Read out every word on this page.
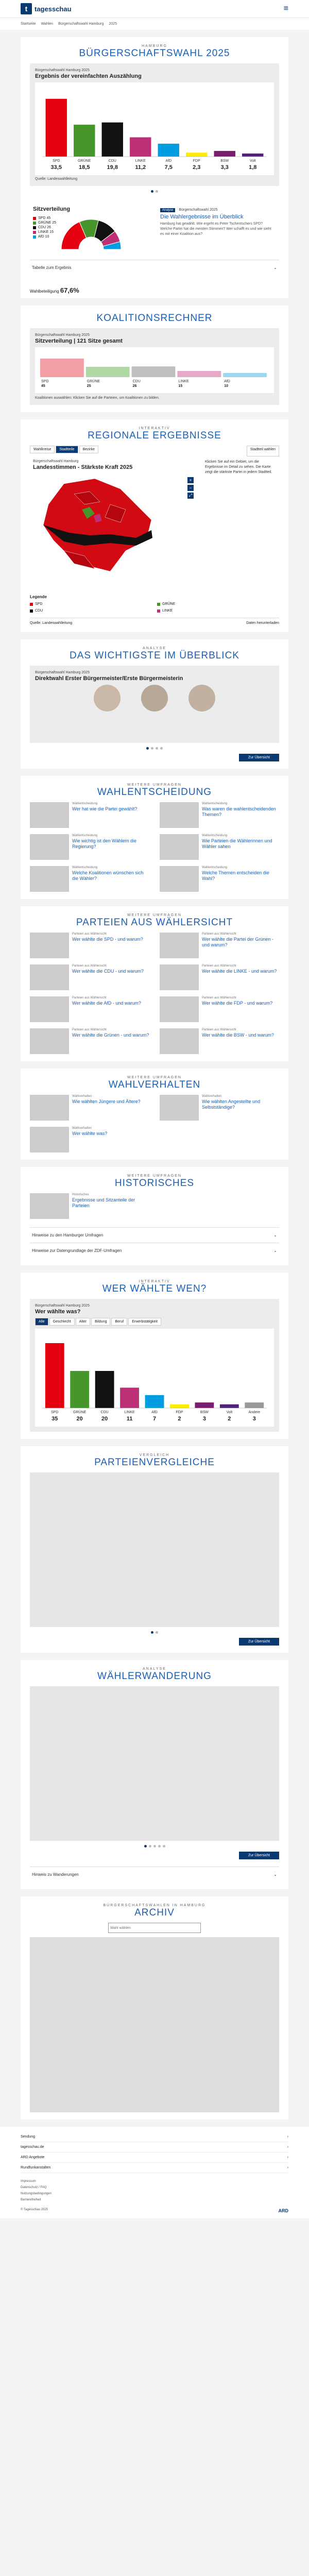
t	tagesschau	≡
Startseite Wahlen Bürgerschaftswahl Hamburg 2025
HAMBURG
BÜRGERSCHAFTSWAHL 2025
Bürgerschaftswahl Hamburg 2025
Ergebnis der vereinfachten Auszählung
SPD
33,5
GRÜNE
18,5
CDU
19,8
LINKE
11,2
AfD
7,5
FDP
2,3
BSW
3,3
Volt
1,8
Quelle: Landeswahlleitung
Sitzverteilung
SPD 45
GRÜNE 25
CDU 26
LINKE 15
AfD 10
Analyse Bürgerschaftswahl 2025
Die Wahlergebnisse im Überblick
Hamburg hat gewählt. Wie ergeht es Peter Tschentschers SPD? Welche Partei hat die meisten Stimmen? Wer schafft es und wie sieht es mit einer Koalition aus?
Tabelle zum Ergebnis	⌄
Wahlbeteiligung 67,6%
KOALITIONSRECHNER
Bürgerschaftswahl Hamburg 2025
Sitzverteilung | 121 Sitze gesamt
SPD
45
GRÜNE
25
CDU
26
LINKE
15
AfD
10
Koalitionen auswählen: Klicken Sie auf die Parteien, um Koalitionen zu bilden.
INTERAKTIV
REGIONALE ERGEBNISSE
Wahlkreise	Stadtteile	Bezirke	Stadtteil wählen
Bürgerschaftswahl Hamburg
Landesstimmen - Stärkste Kraft 2025
+
−
⤢
Klicken Sie auf ein Gebiet, um die Ergebnisse im Detail zu sehen. Die Karte zeigt die stärkste Partei in jedem Stadtteil.
Legende
SPD	GRÜNE
CDU	LINKE
Quelle: Landeswahlleitung	Daten herunterladen
ANALYSE
DAS WICHTIGSTE IM ÜBERBLICK
Bürgerschaftswahl Hamburg 2025
Direktwahl Erster Bürgermeister/Erste Bürgermeisterin
Zur Übersicht
WEITERE UMFRAGEN
WAHLENTSCHEIDUNG
Wahlentscheidung
Wer hat wie die Partei gewählt?
Wahlentscheidung
Was waren die wahlentscheidenden Themen?
Wahlentscheidung
Wie wichtig ist den Wählern die Regierung?
Wahlentscheidung
Wie Parteien die Wählerinnen und Wähler sahen
Wahlentscheidung
Welche Koalitionen wünschen sich die Wähler?
Wahlentscheidung
Welche Themen entscheiden die Wahl?
WEITERE UMFRAGEN
PARTEIEN AUS WÄHLERSICHT
Parteien aus Wählersicht
Wer wählte die SPD - und warum?
Parteien aus Wählersicht
Wer wählte die Partei der Grünen - und warum?
Parteien aus Wählersicht
Wer wählte die CDU - und warum?
Parteien aus Wählersicht
Wer wählte die LINKE - und warum?
Parteien aus Wählersicht
Wer wählte die AfD - und warum?
Parteien aus Wählersicht
Wer wählte die FDP - und warum?
Parteien aus Wählersicht
Wer wählte die Grünen - und warum?
Parteien aus Wählersicht
Wer wählte die BSW - und warum?
WEITERE UMFRAGEN
WAHLVERHALTEN
Wahlverhalten
Wie wählten Jüngere und Ältere?
Wahlverhalten
Wie wählten Angestellte und Selbstständige?
Wahlverhalten
Wer wählte was?
WEITERE UMFRAGEN
HISTORISCHES
Historisches
Ergebnisse und Sitzanteile der Parteien
Hinweise zu den Hamburger Umfragen	⌄
Hinweise zur Datengrundlage der ZDF-Umfragen	⌄
INTERAKTIV
WER WÄHLTE WEN?
Bürgerschaftswahl Hamburg 2025
Wer wählte was?
Alle	Geschlecht	Alter	Bildung	Beruf	Erwerbstätigkeit
SPD
35
GRÜNE
20
CDU
20
LINKE
11
AfD
7
FDP
2
BSW
3
Volt
2
Andere
3
VERGLEICH
PARTEIENVERGLEICHE
Zur Übersicht
ANALYSE
WÄHLERWANDERUNG
Zur Übersicht
Hinweis zu Wanderungen	⌄
BÜRGERSCHAFTSWAHLEN IN HAMBURG
ARCHIV
Wahl wählen
Sendung	›
tagesschau.de	›
ARD Angebote	›
Rundfunkanstalten	›
Impressum
Datenschutz / FAQ
Nutzungsbedingungen
Barrierefreiheit
© Tagesschau 2025	ARD
